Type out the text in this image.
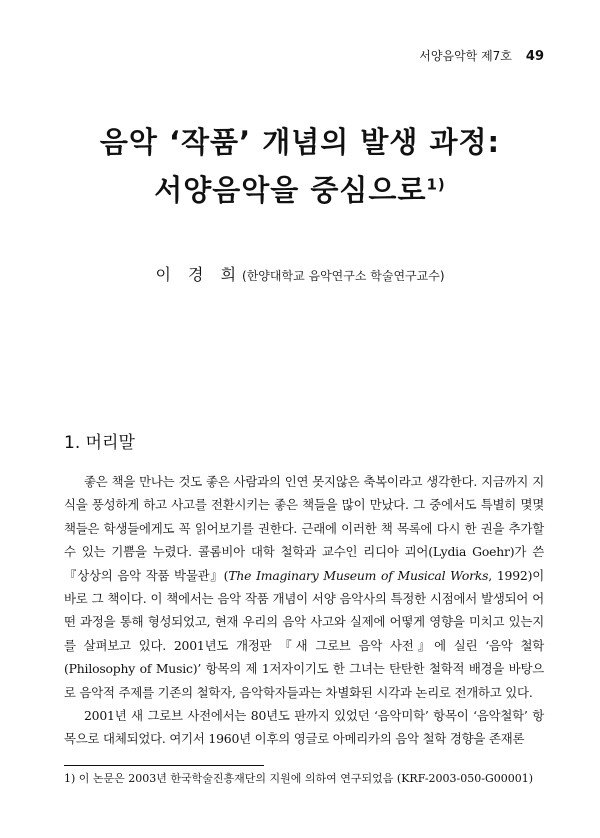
서양음악학 제7호 49
음악 ‘작품’ 개념의 발생 과정:
서양음악을 중심으로$^{1)}$
이 경 희(한양대학교 음악연구소 학술연구교수)
1. 머리말

좋은 책을 만나는 것도 좋은 사람과의 인연 못지않은 축복이라고 생각한다. 지금까지 지식을 풍성하게 하고 사고를 전환시키는 좋은 책들을 많이 만났다. 그 중에서도 특별히 몇몇 책들은 학생들에게도 꼭 읽어보기를 권한다. 근래에 이러한 책 목록에 다시 한 권을 추가할 수 있는 기쁨을 누렸다. 콜롬비아 대학 철학과 교수인 리디아 괴어(Lydia Goehr)가 쓴 『상상의 음악 작품 박물관』(The Imaginary Museum of Musical Works, 1992)이 바로 그 책이다. 이 책에서는 음악 작품 개념이 서양 음악사의 특정한 시점에서 발생되어 어떤 과정을 통해 형성되었고, 현재 우리의 음악 사고와 실제에 어떻게 영향을 미치고 있는지를 살펴보고 있다. 2001년도 개정판 『새 그로브 음악 사전』에 실린 ‘음악 철학(Philosophy of Music)’ 항목의 제 1저자이기도 한 그녀는 탄탄한 철학적 배경을 바탕으로 음악적 주제를 기존의 철학자, 음악학자들과는 차별화된 시각과 논리로 전개하고 있다.

2001년 새 그로브 사전에서는 80년도 판까지 있었던 ‘음악미학’ 항목이 ‘음악철학’ 항목으로 대체되었다. 여기서 1960년 이후의 영글로 아메리카의 음악 철학 경향을 존재론

1) 이 논문은 2003년 한국학술진흥재단의 지원에 의하여 연구되었음 (KRF-2003-050-G00001)
